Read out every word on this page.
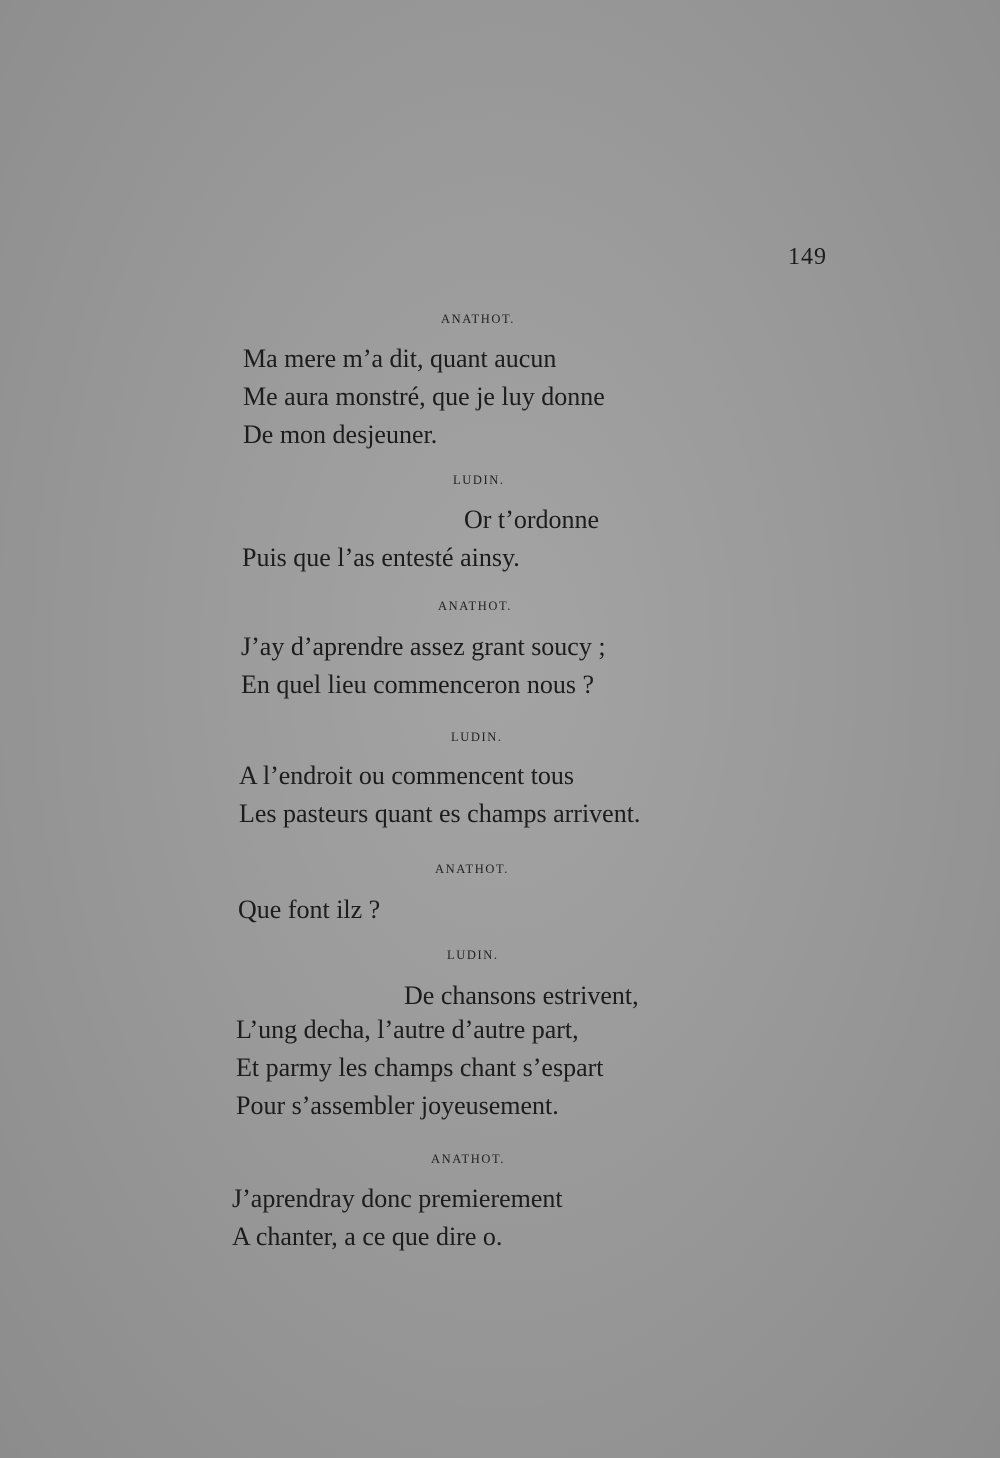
149
ANATHOT.
Ma mere m’a dit, quant aucun
Me aura monstré, que je luy donne
De mon desjeuner.
LUDIN.
Or t’ordonne
Puis que l’as entesté ainsy.
ANATHOT.
J’ay d’aprendre assez grant soucy ;
En quel lieu commenceron nous ?
LUDIN.
A l’endroit ou commencent tous
Les pasteurs quant es champs arrivent.
ANATHOT.
Que font ilz ?
LUDIN.
De chansons estrivent,
L’ung decha, l’autre d’autre part,
Et parmy les champs chant s’espart
Pour s’assembler joyeusement.
ANATHOT.
J’aprendray donc premierement
A chanter, a ce que dire o.
